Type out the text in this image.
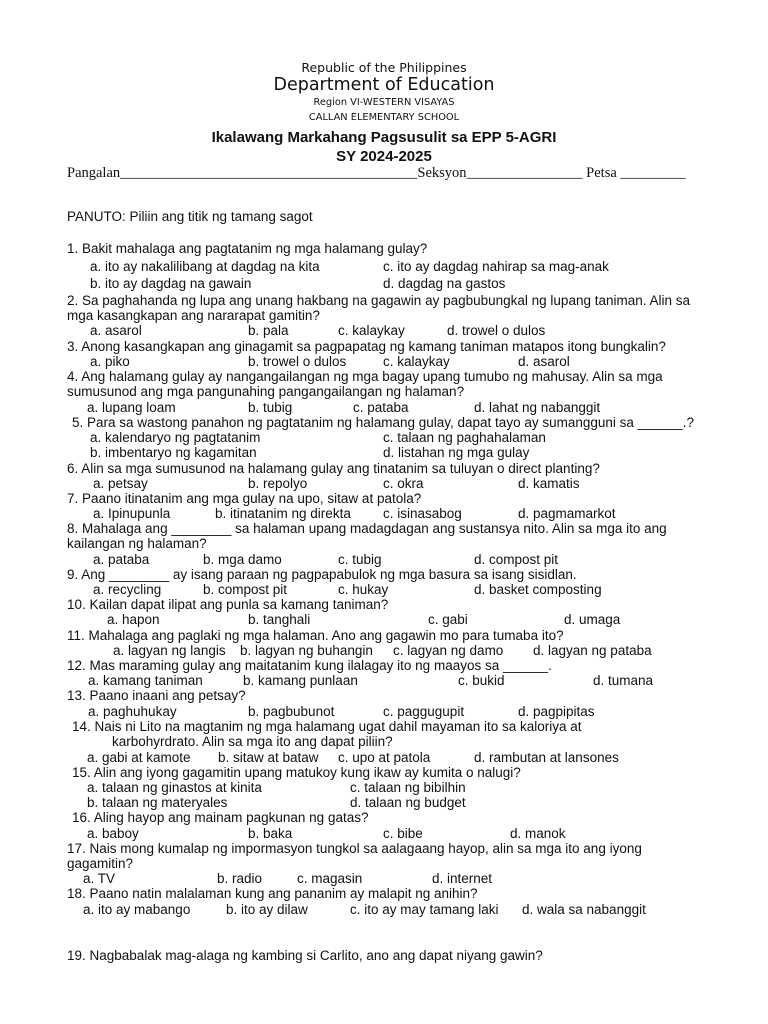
Republic of the Philippines
Department of Education
Region VI-WESTERN VISAYAS
CALLAN ELEMENTARY SCHOOL
Ikalawang Markahang Pagsusulit sa EPP 5-AGRI
SY 2024-2025
Pangalan_________________________________________Seksyon________________ Petsa _________
PANUTO: Piliin ang titik ng tamang sagot
1. Bakit mahalaga ang pagtatanim ng mga halamang gulay?
a. ito ay nakalilibang at dagdag na kita	c. ito ay dagdag nahirap sa mag-anak
b. ito ay dagdag na gawain	d. dagdag na gastos
2. Sa paghahanda ng lupa ang unang hakbang na gagawin ay pagbubungkal ng lupang taniman. Alin sa
mga kasangkapan ang nararapat gamitin?
a. asarol	b. pala	c. kalaykay	d. trowel o dulos
3. Anong kasangkapan ang ginagamit sa pagpapatag ng kamang taniman matapos itong bungkalin?
a. piko	b. trowel o dulos	c. kalaykay	d. asarol
4. Ang halamang gulay ay nangangailangan ng mga bagay upang tumubo ng mahusay. Alin sa mga
sumusunod ang mga pangunahing pangangailangan ng halaman?
a. lupang loam	b. tubig	c. pataba	d. lahat ng nabanggit
5. Para sa wastong panahon ng pagtatanim ng halamang gulay, dapat tayo ay sumangguni sa ______.?
a. kalendaryo ng pagtatanim	c. talaan ng paghahalaman
b. imbentaryo ng kagamitan	d. listahan ng mga gulay
6. Alin sa mga sumusunod na halamang gulay ang tinatanim sa tuluyan o direct planting?
a. petsay	b. repolyo	c. okra	d. kamatis
7. Paano itinatanim ang mga gulay na upo, sitaw at patola?
a. Ipinupunla	b. itinatanim ng direkta c. isinasabog	d. pagmamarkot
8. Mahalaga ang ________ sa halaman upang madagdagan ang sustansya nito. Alin sa mga ito ang
kailangan ng halaman?
a. pataba	b. mga damo	c. tubig	d. compost pit
9. Ang ________ ay isang paraan ng pagpapabulok ng mga basura sa isang sisidlan.
a. recycling	b. compost pit	c. hukay	d. basket composting
10. Kailan dapat ilipat ang punla sa kamang taniman?
a. hapon	b. tanghali	c. gabi	d. umaga
11. Mahalaga ang paglaki ng mga halaman. Ano ang gagawin mo para tumaba ito?
a. lagyan ng langis b. lagyan ng buhangin c. lagyan ng damo d. lagyan ng pataba
12. Mas maraming gulay ang maitatanim kung ilalagay ito ng maayos sa ______.
a. kamang taniman	b. kamang punlaan	c. bukid	d. tumana
13. Paano inaani ang petsay?
a. paghuhukay	b. pagbubunot	c. paggugupit	d. pagpipitas
14. Nais ni Lito na magtanim ng mga halamang ugat dahil mayaman ito sa kaloriya at
karbohyrdrato. Alin sa mga ito ang dapat piliin?
a. gabi at kamote b. sitaw at bataw c. upo at patola	d. rambutan at lansones
15. Alin ang iyong gagamitin upang matukoy kung ikaw ay kumita o nalugi?
a. talaan ng ginastos at kinita	c. talaan ng bibilhin
b. talaan ng materyales	d. talaan ng budget
16. Aling hayop ang mainam pagkunan ng gatas?
a. baboy	b. baka	c. bibe	d. manok
17. Nais mong kumalap ng impormasyon tungkol sa aalagaang hayop, alin sa mga ito ang iyong
gagamitin?
a. TV	b. radio	c. magasin	d. internet
18. Paano natin malalaman kung ang pananim ay malapit ng anihin?
a. ito ay mabango	b. ito ay dilaw	c. ito ay may tamang laki d. wala sa nabanggit
19. Nagbabalak mag-alaga ng kambing si Carlito, ano ang dapat niyang gawin?
